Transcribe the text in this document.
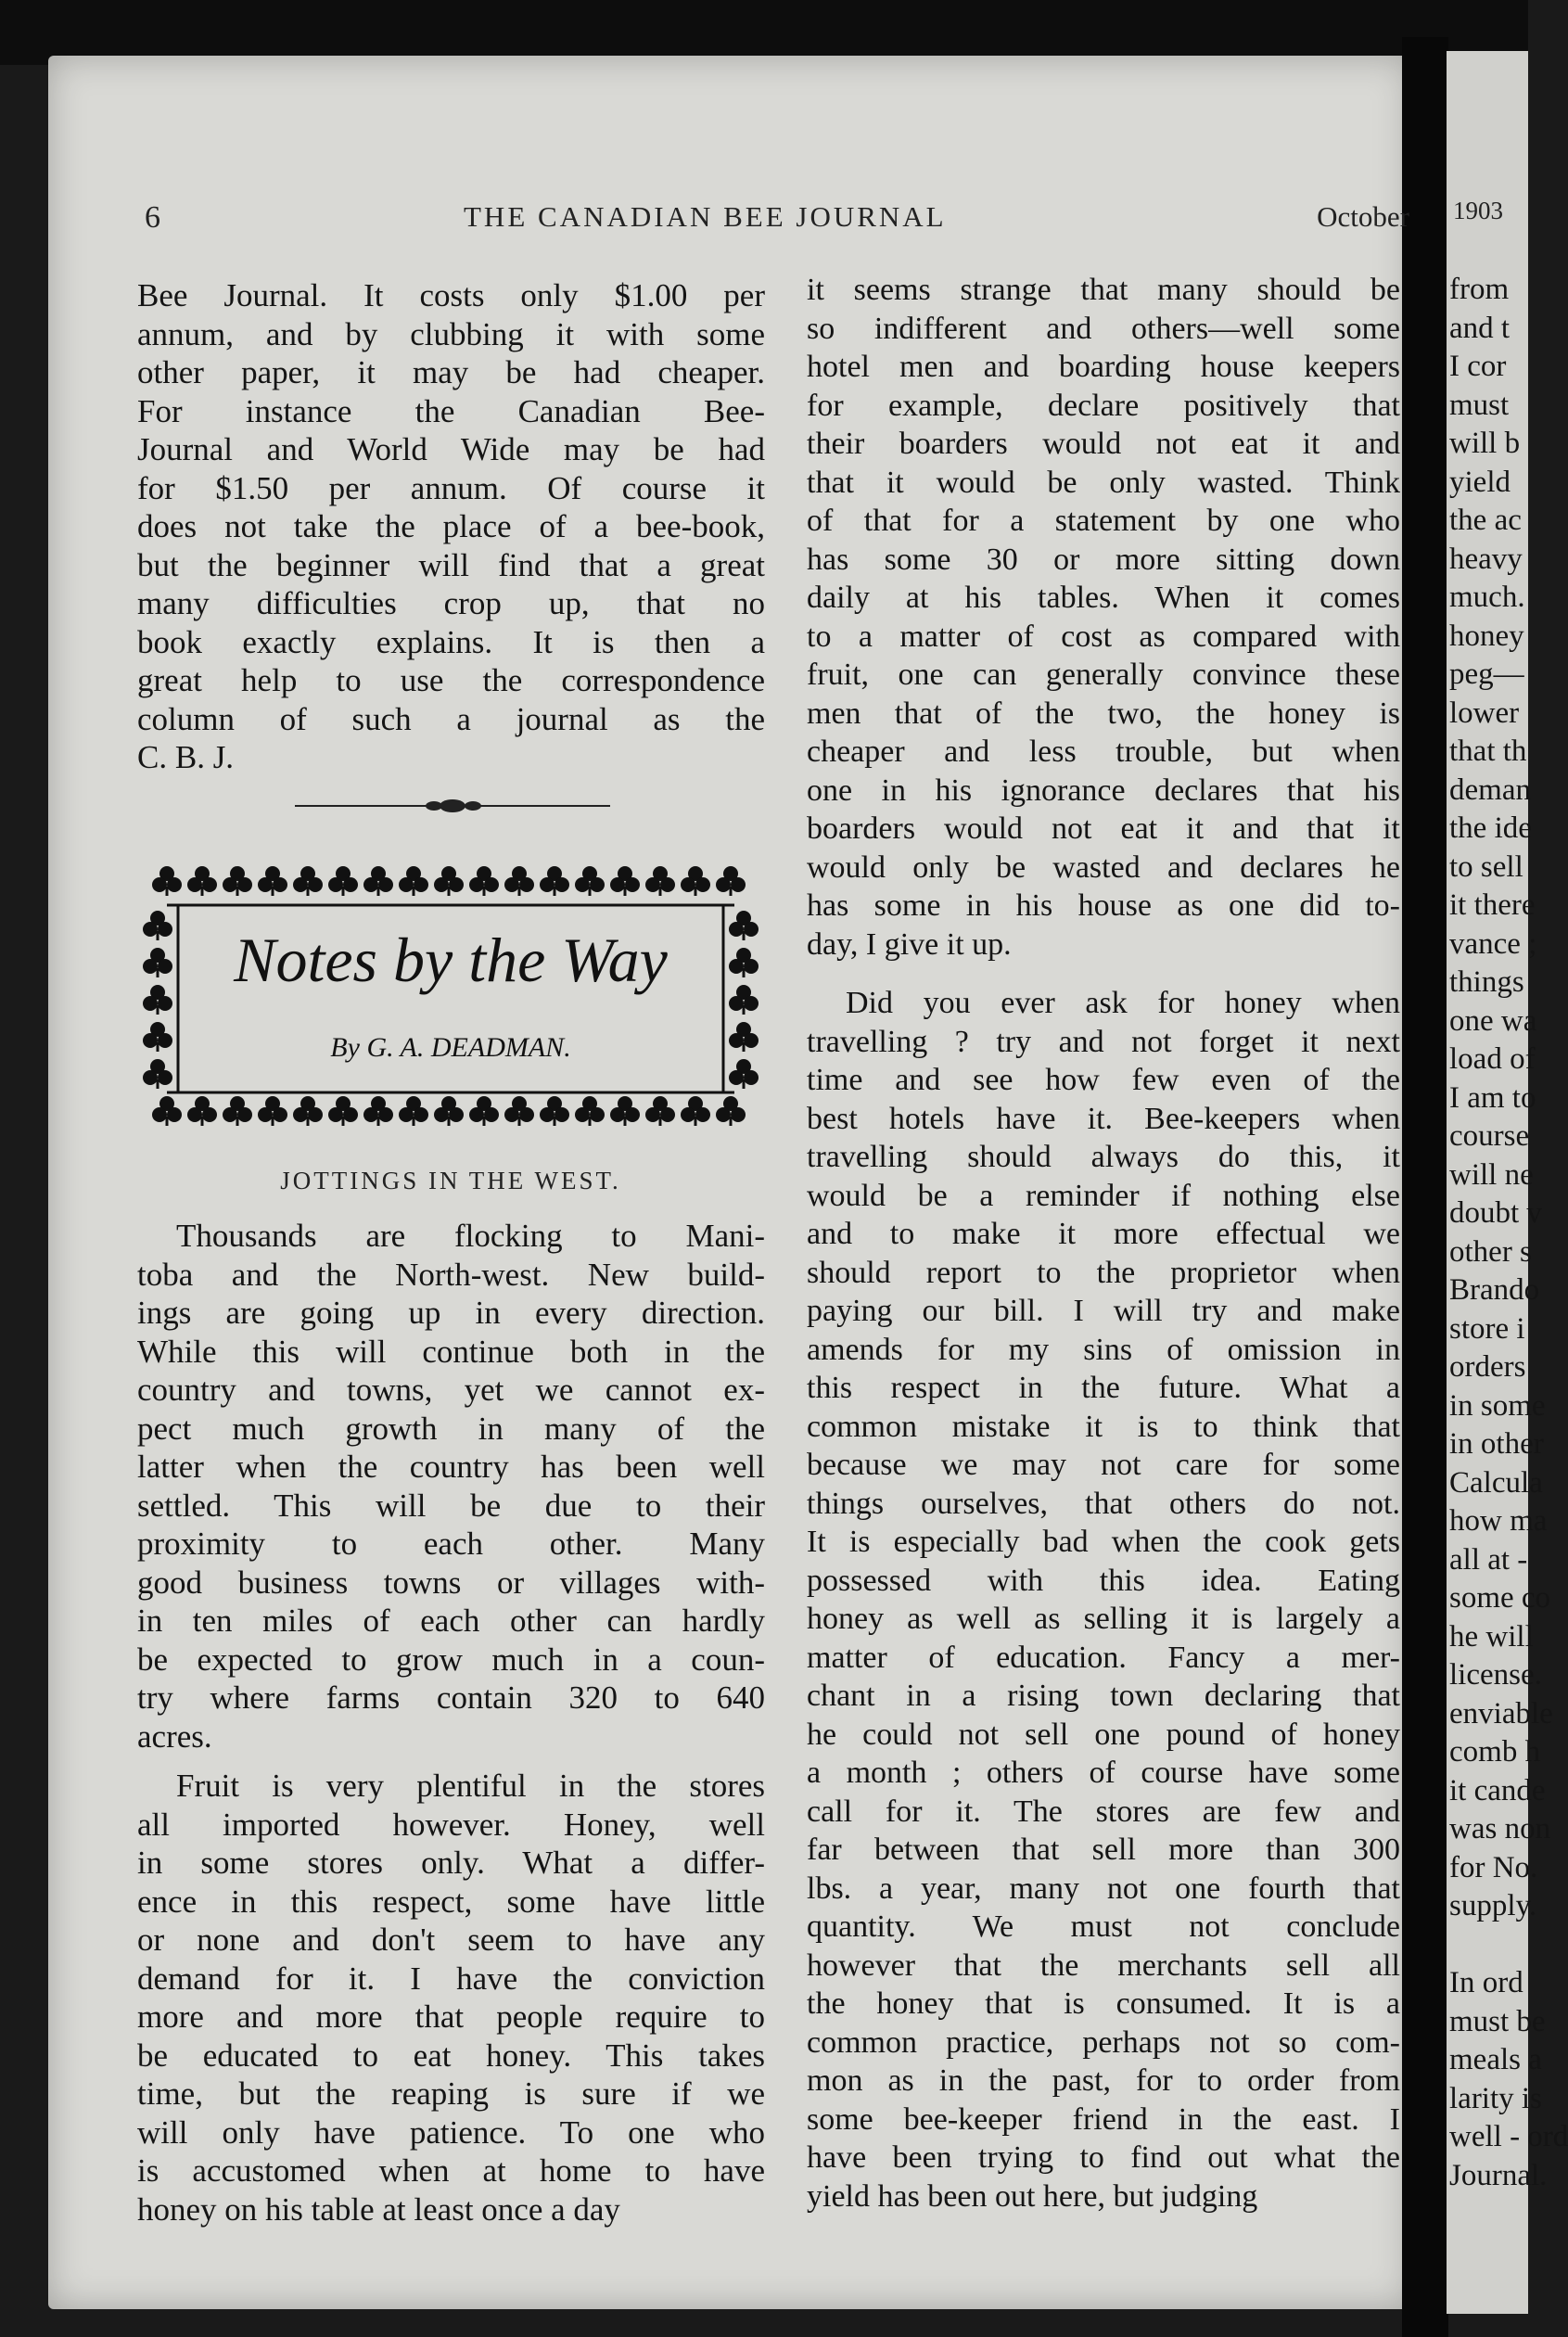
6	THE CANADIAN BEE JOURNAL	October
Bee Journal. It costs only $1.00 per
annum, and by clubbing it with some
other paper, it may be had cheaper.
For instance the Canadian Bee-
Journal and World Wide may be had
for $1.50 per annum. Of course it
does not take the place of a bee-book,
but the beginner will find that a great
many difficulties crop up, that no
book exactly explains. It is then a
great help to use the correspondence
column of such a journal as the
C. B. J.
Notes by the Way
By G. A. DEADMAN.
JOTTINGS IN THE WEST.
Thousands are flocking to Mani-
toba and the North-west. New build-
ings are going up in every direction.
While this will continue both in the
country and towns, yet we cannot ex-
pect much growth in many of the
latter when the country has been well
settled. This will be due to their
proximity to each other. Many
good business towns or villages with-
in ten miles of each other can hardly
be expected to grow much in a coun-
try where farms contain 320 to 640
acres.
Fruit is very plentiful in the stores
all imported however. Honey, well
in some stores only. What a differ-
ence in this respect, some have little
or none and don't seem to have any
demand for it. I have the conviction
more and more that people require to
be educated to eat honey. This takes
time, but the reaping is sure if we
will only have patience. To one who
is accustomed when at home to have
honey on his table at least once a day
it seems strange that many should be
so indifferent and others—well some
hotel men and boarding house keepers
for example, declare positively that
their boarders would not eat it and
that it would be only wasted. Think
of that for a statement by one who
has some 30 or more sitting down
daily at his tables. When it comes
to a matter of cost as compared with
fruit, one can generally convince these
men that of the two, the honey is
cheaper and less trouble, but when
one in his ignorance declares that his
boarders would not eat it and that it
would only be wasted and declares he
has some in his house as one did to-
day, I give it up.
Did you ever ask for honey when
travelling ? try and not forget it next
time and see how few even of the
best hotels have it. Bee-keepers when
travelling should always do this, it
would be a reminder if nothing else
and to make it more effectual we
should report to the proprietor when
paying our bill. I will try and make
amends for my sins of omission in
this respect in the future. What a
common mistake it is to think that
because we may not care for some
things ourselves, that others do not.
It is especially bad when the cook gets
possessed with this idea. Eating
honey as well as selling it is largely a
matter of education. Fancy a mer-
chant in a rising town declaring that
he could not sell one pound of honey
a month ; others of course have some
call for it. The stores are few and
far between that sell more than 300
lbs. a year, many not one fourth that
quantity. We must not conclude
however that the merchants sell all
the honey that is consumed. It is a
common practice, perhaps not so com-
mon as in the past, for to order from
some bee-keeper friend in the east. I
have been trying to find out what the
yield has been out here, but judging
1903
from
and t
I cor
must
will b
yield
the ac
heavy
much.
honey
peg—
lower
that th
deman
the ide
to sell
it there
vance ;
things
one wa
load of
I am to
course
will ne
doubt v
other s
Brando
store i
orders
in some
in other
Calcula
how ma
all at -
some co
he will
license.
enviable
comb h
it cande
was non
for No.
supply.

In ord
must be
meals a
larity is
well - ord
Journal.
